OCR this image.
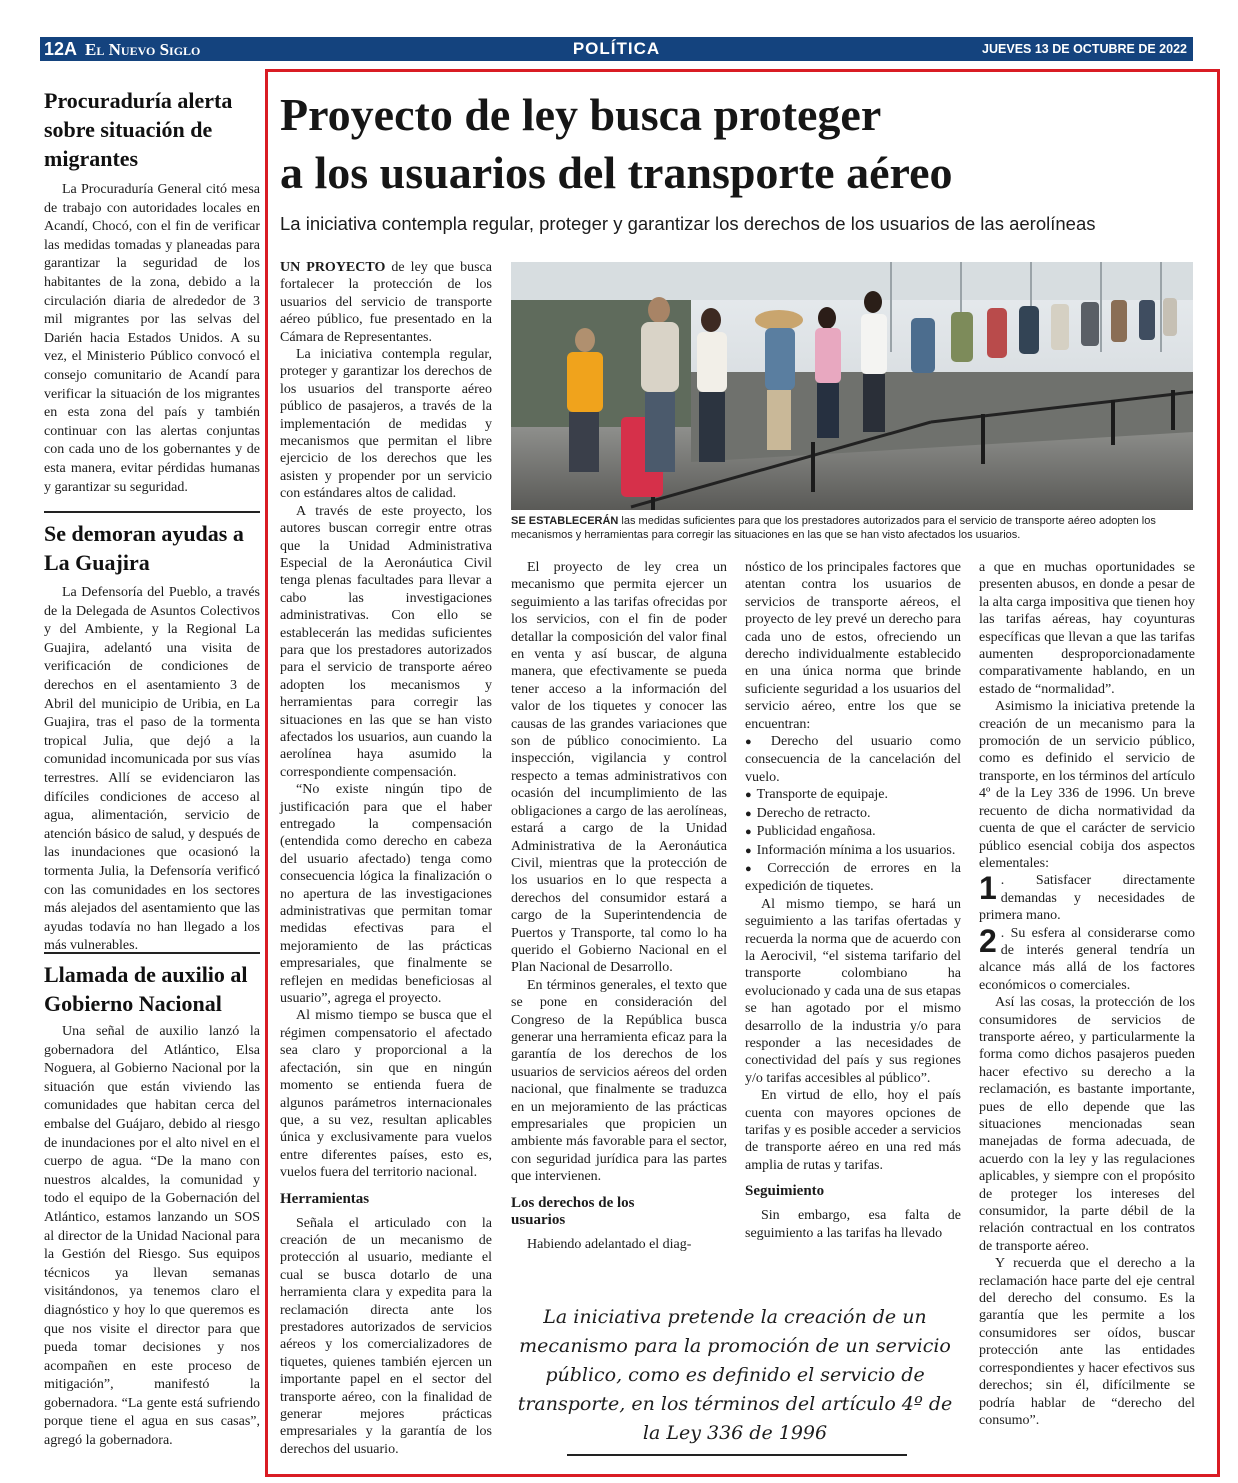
12A El Nuevo Siglo	POLÍTICA	JUEVES 13 DE OCTUBRE DE 2022
Procuraduría alerta sobre situación de migrantes

La Procuraduría General citó mesa de trabajo con autoridades locales en Acandí, Chocó, con el fin de verificar las medidas tomadas y planeadas para garantizar la seguridad de los habitantes de la zona, debido a la circulación diaria de alrededor de 3 mil migrantes por las selvas del Darién hacia Estados Unidos. A su vez, el Ministerio Público convocó el consejo comunitario de Acandí para verificar la situación de los migrantes en esta zona del país y también continuar con las alertas conjuntas con cada uno de los gobernantes y de esta manera, evitar pérdidas humanas y garantizar su seguridad.

Se demoran ayudas a La Guajira

La Defensoría del Pueblo, a través de la Delegada de Asuntos Colectivos y del Ambiente, y la Regional La Guajira, adelantó una visita de verificación de condiciones de derechos en el asentamiento 3 de Abril del municipio de Uribia, en La Guajira, tras el paso de la tormenta tropical Julia, que dejó a la comunidad incomunicada por sus vías terrestres. Allí se evidenciaron las difíciles condiciones de acceso al agua, alimentación, servicio de atención básico de salud, y después de las inundaciones que ocasionó la tormenta Julia, la Defensoría verificó con las comunidades en los sectores más alejados del asentamiento que las ayudas todavía no han llegado a los más vulnerables.

Llamada de auxilio al Gobierno Nacional

Una señal de auxilio lanzó la gobernadora del Atlántico, Elsa Noguera, al Gobierno Nacional por la situación que están viviendo las comunidades que habitan cerca del embalse del Guájaro, debido al riesgo de inundaciones por el alto nivel en el cuerpo de agua. “De la mano con nuestros alcaldes, la comunidad y todo el equipo de la Gobernación del Atlántico, estamos lanzando un SOS al director de la Unidad Nacional para la Gestión del Riesgo. Sus equipos técnicos ya llevan semanas visitándonos, ya tenemos claro el diagnóstico y hoy lo que queremos es que nos visite el director para que pueda tomar decisiones y nos acompañen en este proceso de mitigación”, manifestó la gobernadora. “La gente está sufriendo porque tiene el agua en sus casas”, agregó la gobernadora.

Proyecto de ley busca proteger
a los usuarios del transporte aéreo
La iniciativa contempla regular, proteger y garantizar los derechos de los usuarios de las aerolíneas

UN PROYECTO de ley que busca fortalecer la protección de los usuarios del servicio de transporte aéreo público, fue presentado en la Cámara de Representantes.

La iniciativa contempla regular, proteger y garantizar los derechos de los usuarios del transporte aéreo público de pasajeros, a través de la implementación de medidas y mecanismos que permitan el libre ejercicio de los derechos que les asisten y propender por un servicio con estándares altos de calidad.

A través de este proyecto, los autores buscan corregir entre otras que la Unidad Administrativa Especial de la Aeronáutica Civil tenga plenas facultades para llevar a cabo las investigaciones administrativas. Con ello se establecerán las medidas suficientes para que los prestadores autorizados para el servicio de transporte aéreo adopten los mecanismos y herramientas para corregir las situaciones en las que se han visto afectados los usuarios, aun cuando la aerolínea haya asumido la correspondiente compensación.

“No existe ningún tipo de justificación para que el haber entregado la compensación (entendida como derecho en cabeza del usuario afectado) tenga como consecuencia lógica la finalización o no apertura de las investigaciones administrativas que permitan tomar medidas efectivas para el mejoramiento de las prácticas empresariales, que finalmente se reflejen en medidas beneficiosas al usuario”, agrega el proyecto.

Al mismo tiempo se busca que el régimen compensatorio el afectado sea claro y proporcional a la afectación, sin que en ningún momento se entienda fuera de algunos parámetros internacionales que, a su vez, resultan aplicables única y exclusivamente para vuelos entre diferentes países, esto es, vuelos fuera del territorio nacional.

Herramientas

Señala el articulado con la creación de un mecanismo de protección al usuario, mediante el cual se busca dotarlo de una herramienta clara y expedita para la reclamación directa ante los prestadores autorizados de servicios aéreos y los comercializadores de tiquetes, quienes también ejercen un importante papel en el sector del transporte aéreo, con la finalidad de generar mejores prácticas empresariales y la garantía de los derechos del usuario.

SE ESTABLECERÁN las medidas suficientes para que los prestadores autorizados para el servicio de transporte aéreo adopten los mecanismos y herramientas para corregir las situaciones en las que se han visto afectados los usuarios.

El proyecto de ley crea un mecanismo que permita ejercer un seguimiento a las tarifas ofrecidas por los servicios, con el fin de poder detallar la composición del valor final en venta y así buscar, de alguna manera, que efectivamente se pueda tener acceso a la información del valor de los tiquetes y conocer las causas de las grandes variaciones que son de público conocimiento. La inspección, vigilancia y control respecto a temas administrativos con ocasión del incumplimiento de las obligaciones a cargo de las aerolíneas, estará a cargo de la Unidad Administrativa de la Aeronáutica Civil, mientras que la protección de los usuarios en lo que respecta a derechos del consumidor estará a cargo de la Superintendencia de Puertos y Transporte, tal como lo ha querido el Gobierno Nacional en el Plan Nacional de Desarrollo.

En términos generales, el texto que se pone en consideración del Congreso de la República busca generar una herramienta eficaz para la garantía de los derechos de los usuarios de servicios aéreos del orden nacional, que finalmente se traduzca en un mejoramiento de las prácticas empresariales que propicien un ambiente más favorable para el sector, con seguridad jurídica para las partes que intervienen.

Los derechos de los usuarios

Habiendo adelantado el diag-

nóstico de los principales factores que atentan contra los usuarios de servicios de transporte aéreos, el proyecto de ley prevé un derecho para cada uno de estos, ofreciendo un derecho individualmente establecido en una única norma que brinde suficiente seguridad a los usuarios del servicio aéreo, entre los que se encuentran:

● Derecho del usuario como consecuencia de la cancelación del vuelo.

● Transporte de equipaje.

● Derecho de retracto.

● Publicidad engañosa.

● Información mínima a los usuarios.

● Corrección de errores en la expedición de tiquetes.

Al mismo tiempo, se hará un seguimiento a las tarifas ofertadas y recuerda la norma que de acuerdo con la Aerocivil, “el sistema tarifario del transporte colombiano ha evolucionado y cada una de sus etapas se han agotado por el mismo desarrollo de la industria y/o para responder a las necesidades de conectividad del país y sus regiones y/o tarifas accesibles al público”.

En virtud de ello, hoy el país cuenta con mayores opciones de tarifas y es posible acceder a servicios de transporte aéreo en una red más amplia de rutas y tarifas.

Seguimiento

Sin embargo, esa falta de seguimiento a las tarifas ha llevado

a que en muchas oportunidades se presenten abusos, en donde a pesar de la alta carga impositiva que tienen hoy las tarifas aéreas, hay coyunturas específicas que llevan a que las tarifas aumenten desproporcionadamente comparativamente hablando, en un estado de “normalidad”.

Asimismo la iniciativa pretende la creación de un mecanismo para la promoción de un servicio público, como es definido el servicio de transporte, en los términos del artículo 4º de la Ley 336 de 1996. Un breve recuento de dicha normatividad da cuenta de que el carácter de servicio público esencial cobija dos aspectos elementales:

1 . Satisfacer directamente demandas y necesidades de primera mano.

2 . Su esfera al considerarse como de interés general tendría un alcance más allá de los factores económicos o comerciales.

Así las cosas, la protección de los consumidores de servicios de transporte aéreo, y particularmente la forma como dichos pasajeros pueden hacer efectivo su derecho a la reclamación, es bastante importante, pues de ello depende que las situaciones mencionadas sean manejadas de forma adecuada, de acuerdo con la ley y las regulaciones aplicables, y siempre con el propósito de proteger los intereses del consumidor, la parte débil de la relación contractual en los contratos de transporte aéreo.

Y recuerda que el derecho a la reclamación hace parte del eje central del derecho del consumo. Es la garantía que les permite a los consumidores ser oídos, buscar protección ante las entidades correspondientes y hacer efectivos sus derechos; sin él, difícilmente se podría hablar de “derecho del consumo”.

La iniciativa pretende la creación de un mecanismo para la promoción de un servicio público, como es definido el servicio de transporte, en los términos del artículo 4º de la Ley 336 de 1996
